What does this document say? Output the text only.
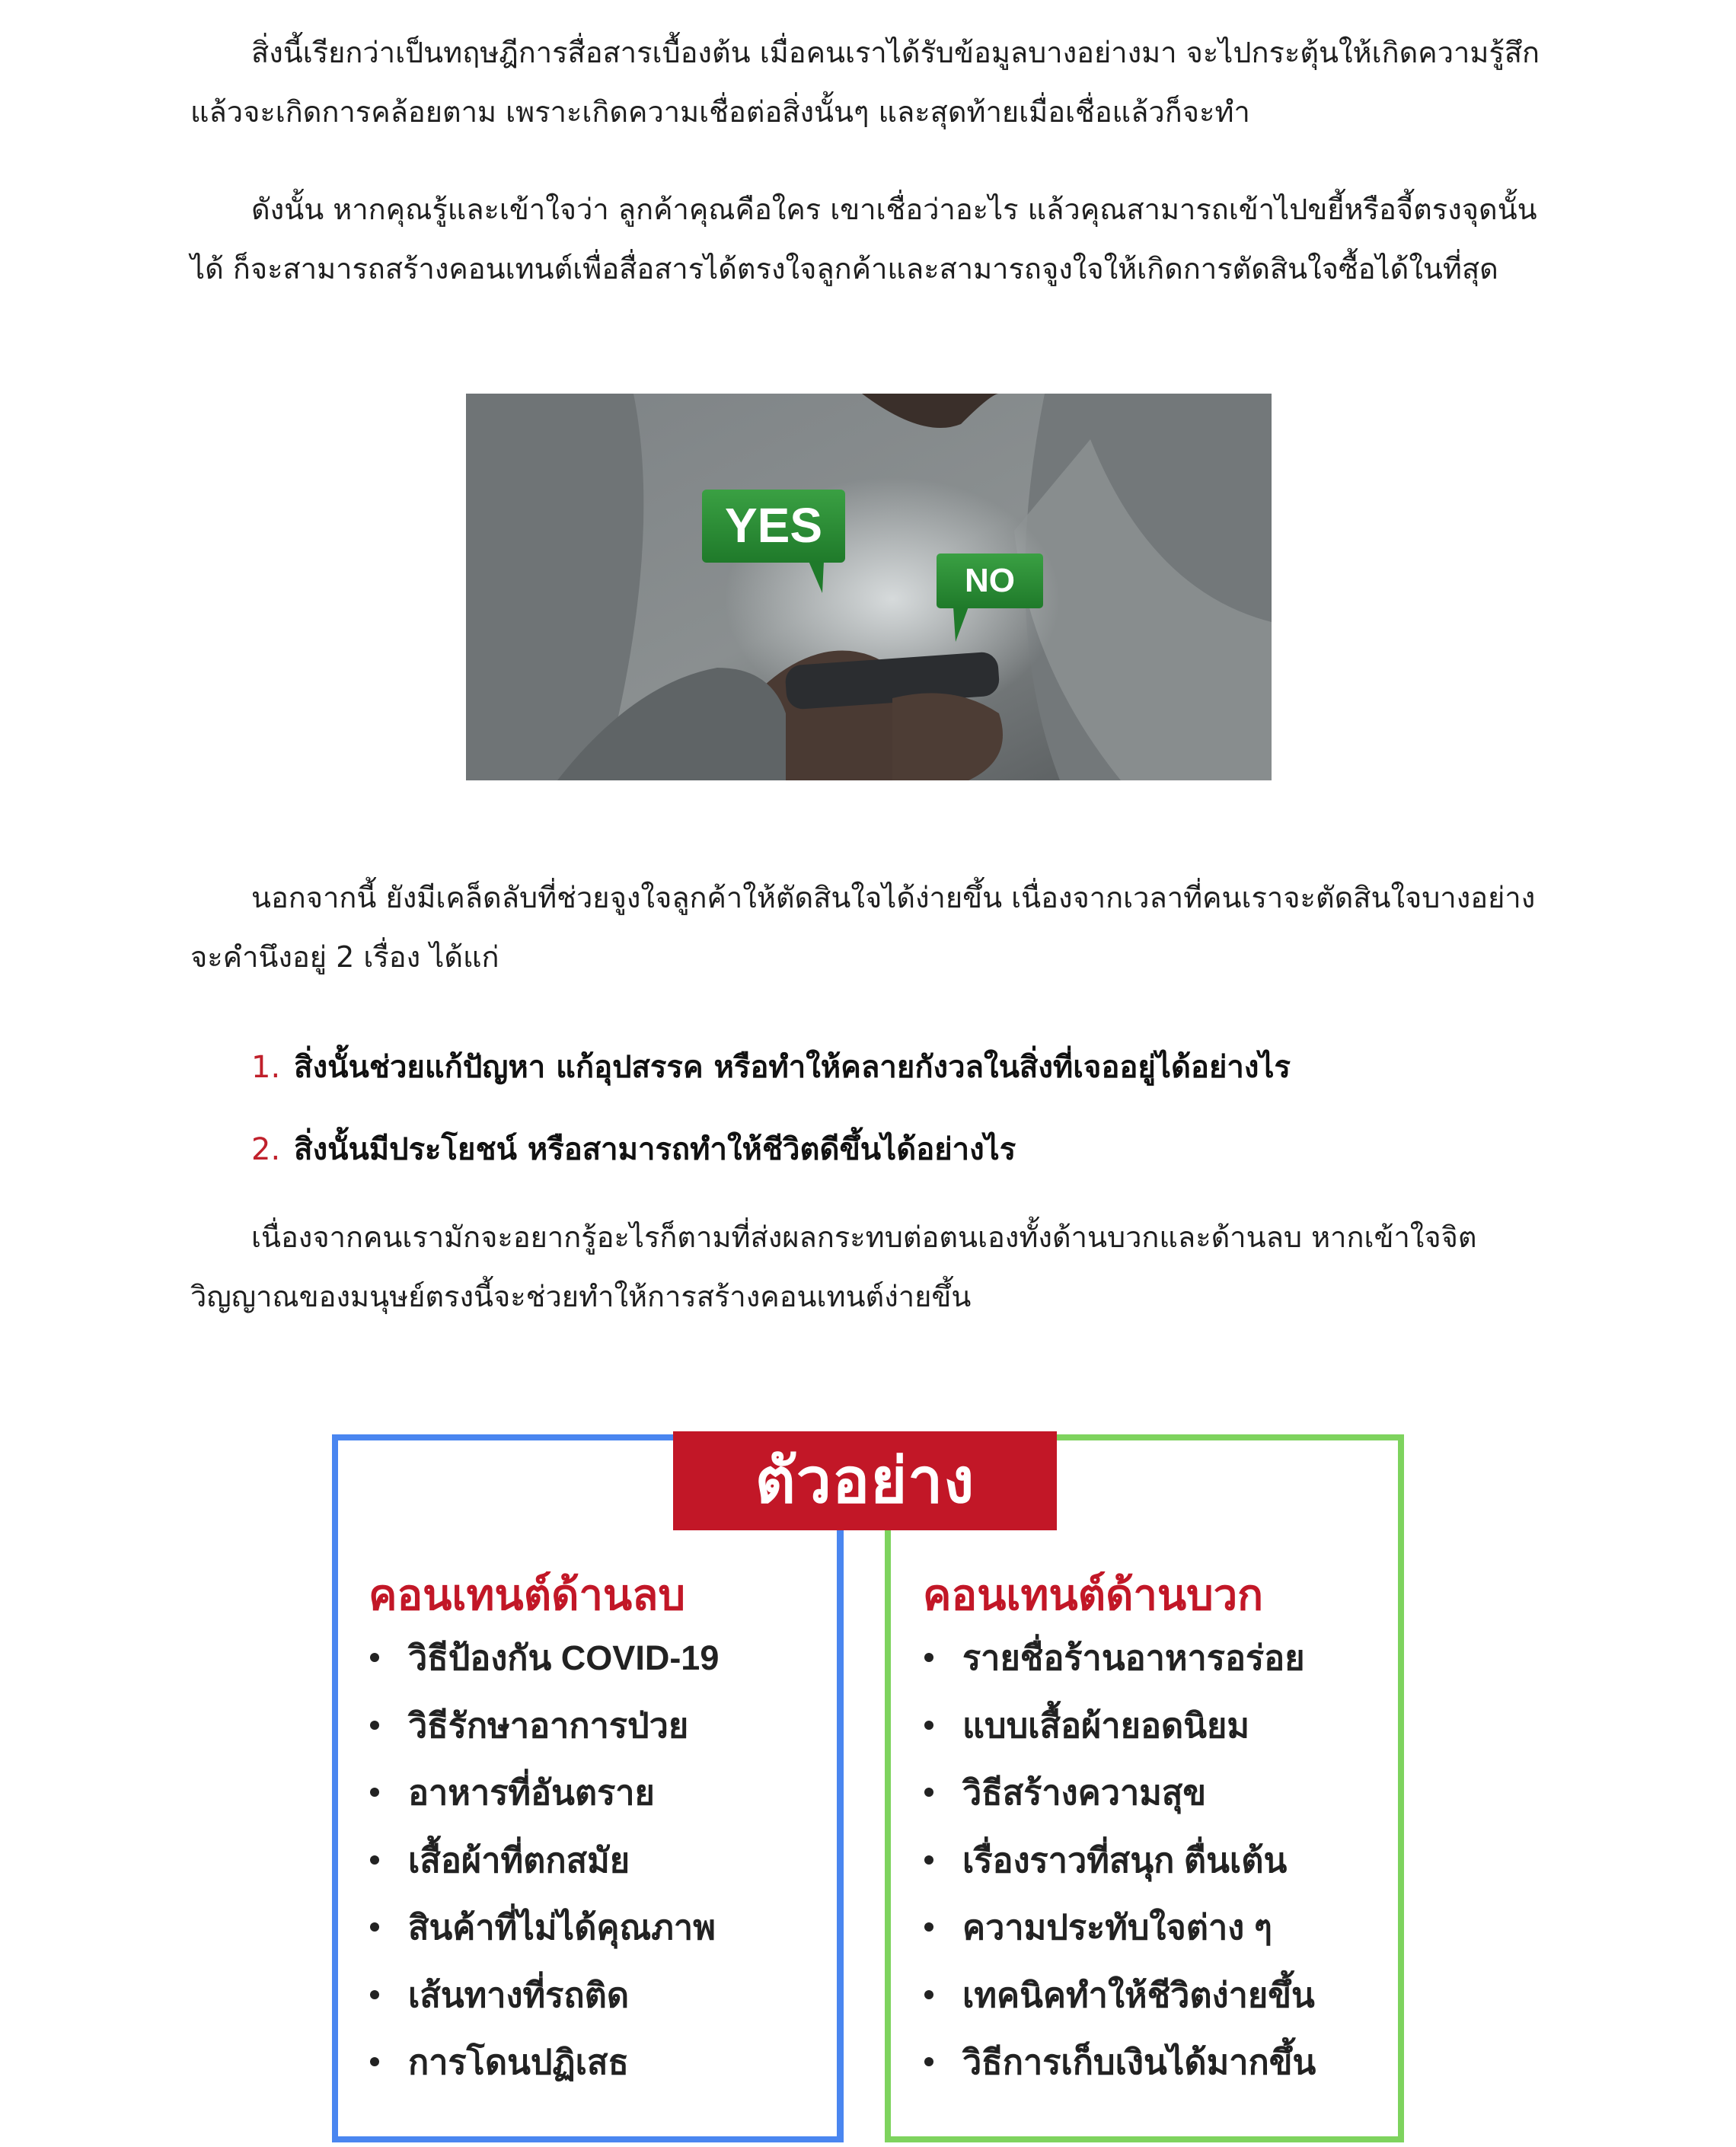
สิ่งนี้เรียกว่าเป็นทฤษฎีการสื่อสารเบื้องต้น เมื่อคนเราได้รับข้อมูลบางอย่างมา จะไปกระตุ้นให้เกิดความรู้สึก แล้วจะเกิดการคล้อยตาม เพราะเกิดความเชื่อต่อสิ่งนั้นๆ และสุดท้ายเมื่อเชื่อแล้วก็จะทำ

ดังนั้น หากคุณรู้และเข้าใจว่า ลูกค้าคุณคือใคร เขาเชื่อว่าอะไร แล้วคุณสามารถเข้าไปขยี้หรือจี้ตรงจุดนั้นได้ ก็จะสามารถสร้างคอนเทนต์เพื่อสื่อสารได้ตรงใจลูกค้าและสามารถจูงใจให้เกิดการตัดสินใจซื้อได้ในที่สุด

YES
NO

นอกจากนี้ ยังมีเคล็ดลับที่ช่วยจูงใจลูกค้าให้ตัดสินใจได้ง่ายขึ้น เนื่องจากเวลาที่คนเราจะตัดสินใจบางอย่าง จะคำนึงอยู่ 2 เรื่อง ได้แก่

1. สิ่งนั้นช่วยแก้ปัญหา แก้อุปสรรค หรือทำให้คลายกังวลในสิ่งที่เจออยู่ได้อย่างไร
2. สิ่งนั้นมีประโยชน์ หรือสามารถทำให้ชีวิตดีขึ้นได้อย่างไร

เนื่องจากคนเรามักจะอยากรู้อะไรก็ตามที่ส่งผลกระทบต่อตนเองทั้งด้านบวกและด้านลบ หากเข้าใจจิตวิญญาณของมนุษย์ตรงนี้จะช่วยทำให้การสร้างคอนเทนต์ง่ายขึ้น

ตัวอย่าง
คอนเทนต์ด้านลบ
วิธีป้องกัน COVID-19
วิธีรักษาอาการป่วย
อาหารที่อันตราย
เสื้อผ้าที่ตกสมัย
สินค้าที่ไม่ได้คุณภาพ
เส้นทางที่รถติด
การโดนปฏิเสธ
คอนเทนต์ด้านบวก
รายชื่อร้านอาหารอร่อย
แบบเสื้อผ้ายอดนิยม
วิธีสร้างความสุข
เรื่องราวที่สนุก ตื่นเต้น
ความประทับใจต่าง ๆ
เทคนิคทำให้ชีวิตง่ายขึ้น
วิธีการเก็บเงินได้มากขึ้น
